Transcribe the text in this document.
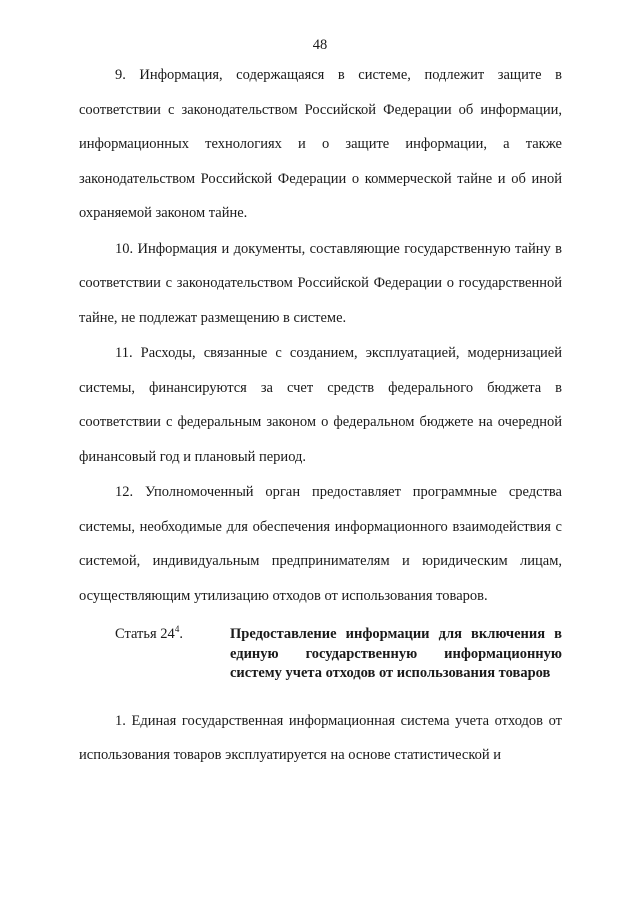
48

9. Информация, содержащаяся в системе, подлежит защите в соответствии с законодательством Российской Федерации об информации, информационных технологиях и о защите информации, а также законодательством Российской Федерации о коммерческой тайне и об иной охраняемой законом тайне.

10. Информация и документы, составляющие государственную тайну в соответствии с законодательством Российской Федерации о государственной тайне, не подлежат размещению в системе.

11. Расходы, связанные с созданием, эксплуатацией, модернизацией системы, финансируются за счет средств федерального бюджета в соответствии с федеральным законом о федеральном бюджете на очередной финансовый год и плановый период.

12. Уполномоченный орган предоставляет программные средства системы, необходимые для обеспечения информационного взаимодействия с системой, индивидуальным предпринимателям и юридическим лицам, осуществляющим утилизацию отходов от использования товаров.

Статья $24^4$.	Предоставление информации для включения в единую государственную информационную систему учета отходов от использования товаров

1. Единая государственная информационная система учета отходов от использования товаров эксплуатируется на основе статистической и
